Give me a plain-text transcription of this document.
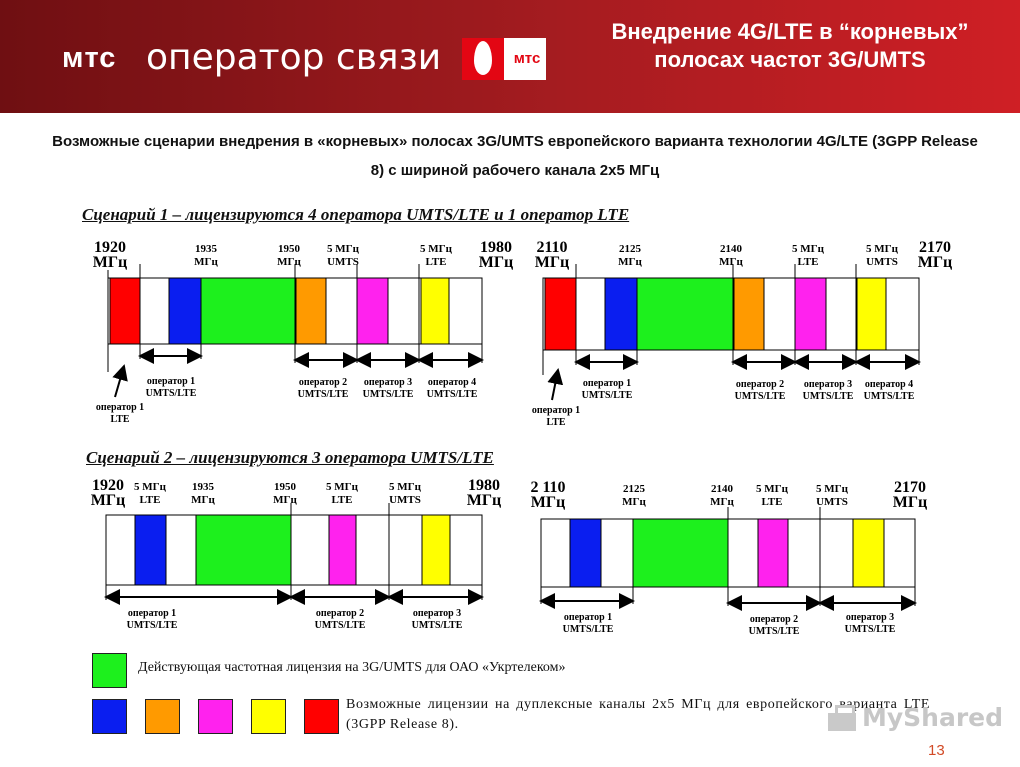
мтс оператор связи	мтс
Внедрение 4G/LTE в “корневых” полосах частот 3G/UMTS
Возможные сценарии внедрения в «корневых» полосах 3G/UMTS европейского варианта технологии 4G/LTE (3GPP Release 8) с шириной рабочего канала 2х5 МГц
Сценарий 1 – лицензируются 4 оператора UMTS/LTE и 1 оператор LTE
Сценарий 2 – лицензируются 3 оператора UMTS/LTE
1920
МГц
1935
МГц
1950
МГц
5 МГц
UMTS
5 МГц
LTE
1980
МГц
оператор 1
UMTS/LTE
оператор 2
UMTS/LTE
оператор 3
UMTS/LTE
оператор 4
UMTS/LTE
оператор 1
LTE
2110
МГц
2125
МГц
2140
МГц
5 МГц
LTE
5 МГц
UMTS
2170
МГц
оператор 1
UMTS/LTE
оператор 2
UMTS/LTE
оператор 3
UMTS/LTE
оператор 4
UMTS/LTE
оператор 1
LTE
1920
МГц
5 МГц
LTE
1935
МГц
1950
МГц
5 МГц
LTE
5 МГц
UMTS
1980
МГц
оператор 1
UMTS/LTE
оператор 2
UMTS/LTE
оператор 3
UMTS/LTE
2 110
МГц
2125
МГц
2140
МГц
5 МГц
LTE
5 МГц
UMTS
2170
МГц
оператор 1
UMTS/LTE
оператор 2
UMTS/LTE
оператор 3
UMTS/LTE
Действующая частотная лицензия на 3G/UMTS для ОАО «Укртелеком»
Возможные лицензии на дуплексные каналы 2х5 МГц для европейского варианта LTE (3GPP Release 8).	MyShared
13
